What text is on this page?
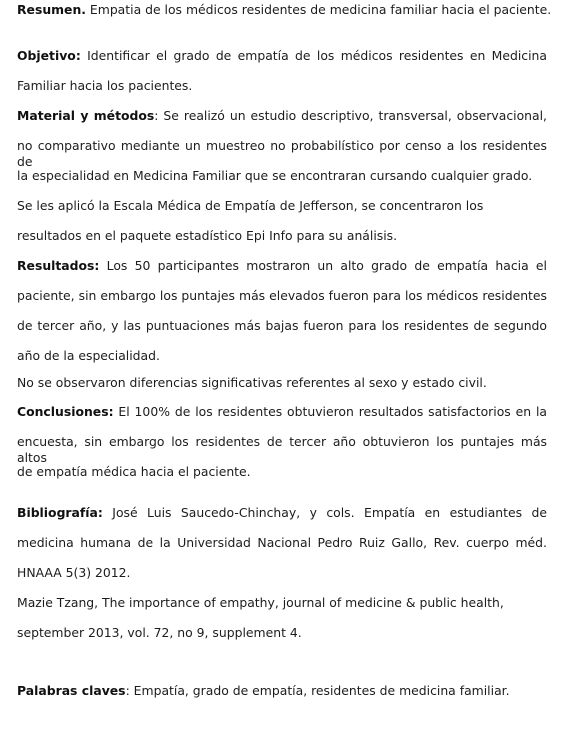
Resumen. Empatia de los médicos residentes de medicina familiar hacia el paciente.
Objetivo: Identificar el grado de empatía de los médicos residentes en Medicina
Familiar hacia los pacientes.
Material y métodos: Se realizó un estudio descriptivo, transversal, observacional,
no comparativo mediante un muestreo no probabilístico por censo a los residentes de
la especialidad en Medicina Familiar que se encontraran cursando cualquier grado.
Se les aplicó la Escala Médica de Empatía de Jefferson, se concentraron los
resultados en el paquete estadístico Epi Info para su análisis.
Resultados: Los 50 participantes mostraron un alto grado de empatía hacia el
paciente, sin embargo los puntajes más elevados fueron para los médicos residentes
de tercer año, y las puntuaciones más bajas fueron para los residentes de segundo
año de la especialidad.
No se observaron diferencias significativas referentes al sexo y estado civil.
Conclusiones: El 100% de los residentes obtuvieron resultados satisfactorios en la
encuesta, sin embargo los residentes de tercer año obtuvieron los puntajes más altos
de empatía médica hacia el paciente.
Bibliografía: José Luis Saucedo-Chinchay, y cols. Empatía en estudiantes de
medicina humana de la Universidad Nacional Pedro Ruiz Gallo, Rev. cuerpo méd.
HNAAA 5(3) 2012.
Mazie Tzang, The importance of empathy, journal of medicine & public health,
september 2013, vol. 72, no 9, supplement 4.
Palabras claves: Empatía, grado de empatía, residentes de medicina familiar.
